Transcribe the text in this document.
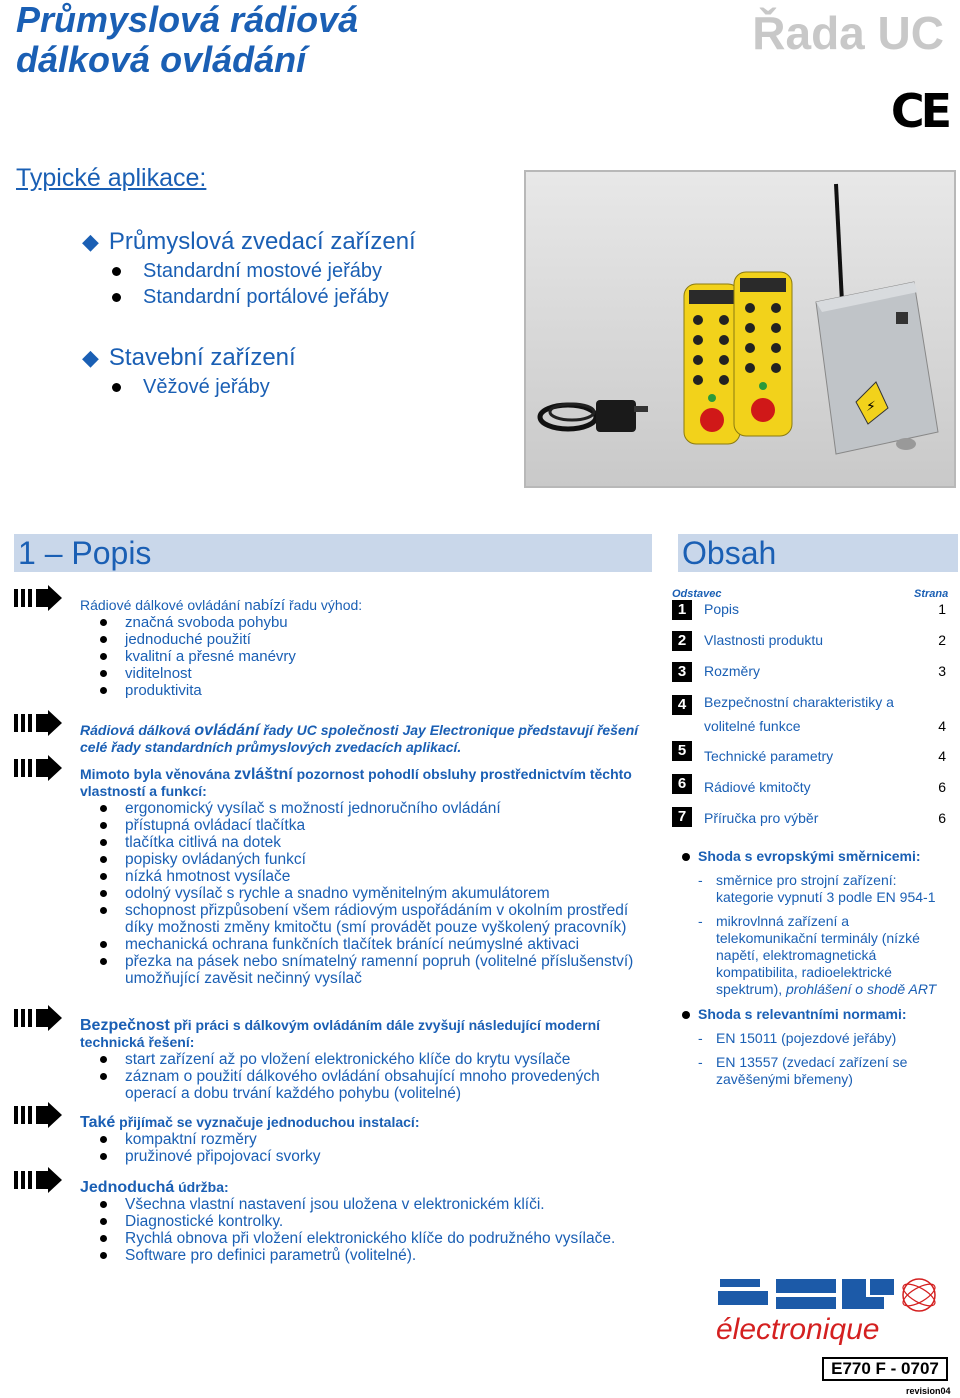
Průmyslová rádiová
dálková ovládání
Řada UC
CE
Typické aplikace:
◆ Průmyslová zvedací zařízení
Standardní mostové jeřáby
Standardní portálové jeřáby
◆ Stavební zařízení
Věžové jeřáby
⚡
1 – Popis	Obsah
Rádiové dálkové ovládání nabízí řadu výhod:
značná svoboda pohybu
jednoduché použití
kvalitní a přesné manévry
viditelnost
produktivita
Rádiová dálková ovládání řady UC společnosti Jay Electronique představují řešení celé řady standardních průmyslových zvedacích aplikací.
Mimoto byla věnována zvláštní pozornost pohodlí obsluhy prostřednictvím těchto vlastností a funkcí:
ergonomický vysílač s možností jednoručního ovládání
přístupná ovládací tlačítka
tlačítka citlivá na dotek
popisky ovládaných funkcí
nízká hmotnost vysílače
odolný vysílač s rychle a snadno vyměnitelným akumulátorem
schopnost přizpůsobení všem rádiovým uspořádáním v okolním prostředí díky možnosti změny kmitočtu (smí provádět pouze vyškolený pracovník)
mechanická ochrana funkčních tlačítek bránící neúmyslné aktivaci
přezka na pásek nebo snímatelný ramenní popruh (volitelné příslušenství) umožňující zavěsit nečinný vysílač
Bezpečnost při práci s dálkovým ovládáním dále zvyšují následující moderní technická řešení:
start zařízení až po vložení elektronického klíče do krytu vysílače
záznam o použití dálkového ovládání obsahující mnoho provedených operací a dobu trvání každého pohybu (volitelné)
Také přijímač se vyznačuje jednoduchou instalací:
kompaktní rozměry
pružinové připojovací svorky
Jednoduchá údržba:
Všechna vlastní nastavení jsou uložena v elektronickém klíči.
Diagnostické kontrolky.
Rychlá obnova při vložení elektronického klíče do podružného vysílače.
Software pro definici parametrů (volitelné).
Odstavec	Strana
1	Popis	1
2	Vlastnosti produktu	2
3	Rozměry	3
4	Bezpečnostní charakteristiky a
volitelné funkce	4
5	Technické parametry	4
6	Rádiové kmitočty	6
7	Příručka pro výběr	6
Shoda s evropskými směrnicemi:
- směrnice pro strojní zařízení: kategorie vypnutí 3 podle EN 954-1
- mikrovlnná zařízení a telekomunikační terminály (nízké napětí, elektromagnetická kompatibilita, radioelektrické spektrum), prohlášení o shodě ART
Shoda s relevantními normami:
- EN 15011 (pojezdové jeřáby)
- EN 13557 (zvedací zařízení se zavěšenými břemeny)
électronique
E770 F - 0707
revision04
